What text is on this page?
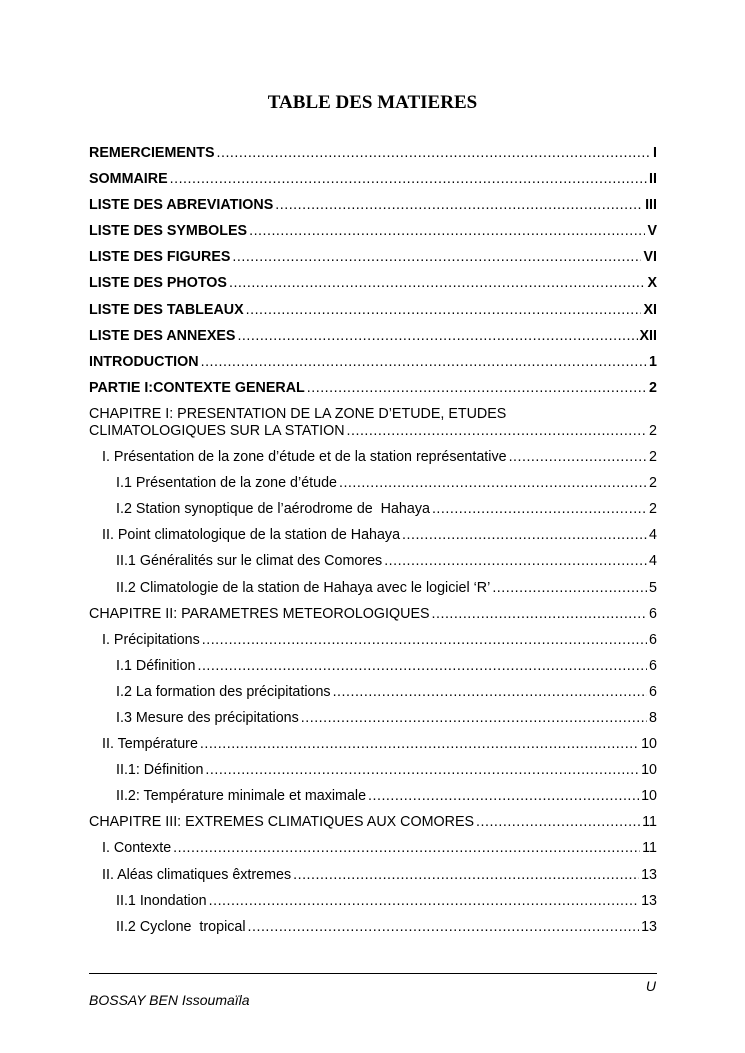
TABLE DES MATIERES
REMERCIEMENTS .....	I
SOMMAIRE .....	II
LISTE DES ABREVIATIONS .....	III
LISTE DES SYMBOLES .....	V
LISTE DES FIGURES .....	VI
LISTE DES PHOTOS .....	X
LISTE DES TABLEAUX .....	XI
LISTE DES ANNEXES .....	XII
INTRODUCTION .....	1
PARTIE I:CONTEXTE GENERAL .....	2
CHAPITRE I: PRESENTATION DE LA ZONE D’ETUDE, ETUDES
CLIMATOLOGIQUES SUR LA STATION .....	2
I. Présentation de la zone d’étude et de la station représentative .....	2
I.1 Présentation de la zone d’étude .....	2
I.2 Station synoptique de l’aérodrome de  Hahaya .....	2
II. Point climatologique de la station de Hahaya .....	4
II.1 Généralités sur le climat des Comores .....	4
II.2 Climatologie de la station de Hahaya avec le logiciel ‘R’ .....	5
CHAPITRE II: PARAMETRES METEOROLOGIQUES .....	6
I. Précipitations .....	6
I.1 Définition .....	6
I.2 La formation des précipitations .....	6
I.3 Mesure des précipitations .....	8
II. Température .....	10
II.1: Définition .....	10
II.2: Température minimale et maximale .....	10
CHAPITRE III: EXTREMES CLIMATIQUES AUX COMORES .....	11
I. Contexte .....	11
II. Aléas climatiques êxtremes .....	13
II.1 Inondation .....	13
II.2 Cyclone  tropical .....	13
U
BOSSAY BEN Issoumaïla
